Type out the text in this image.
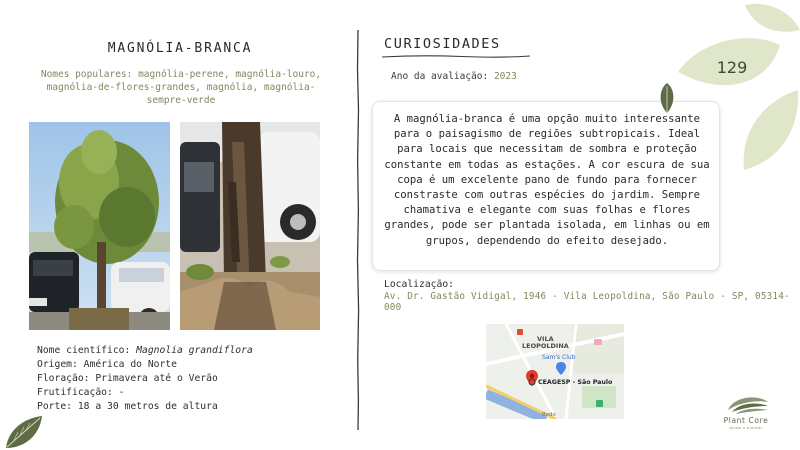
MAGNÓLIA-BRANCA
Nomes populares: magnólia-perene, magnólia-louro,
magnólia-de-flores-grandes, magnólia, magnólia-
sempre-verde
Nome científico: Magnolia grandiflora
Origem: América do Norte
Floração: Primavera até o Verão
Frutificação: -
Porte: 18 a 30 metros de altura
CURIOSIDADES
Ano da avaliação: 2023
A magnólia-branca é uma opção muito interessante para o paisagismo de regiões subtropicais. Ideal para locais que necessitam de sombra e proteção constante em todas as estações. A cor escura de sua copa é um excelente pano de fundo para fornecer constraste com outras espécies do jardim. Sempre chamativa e elegante com suas folhas e flores grandes, pode ser plantada isolada, em linhas ou em grupos, dependendo do efeito desejado.
Localização:
Av. Dr. Gastão Vidigal, 1946 - Vila Leopoldina, São Paulo - SP, 05314-000
VILA
LEOPOLDINA
Sam's Club
CEAGESP - São Paulo
Rodo
129
Plant Core
ajude a plantar
